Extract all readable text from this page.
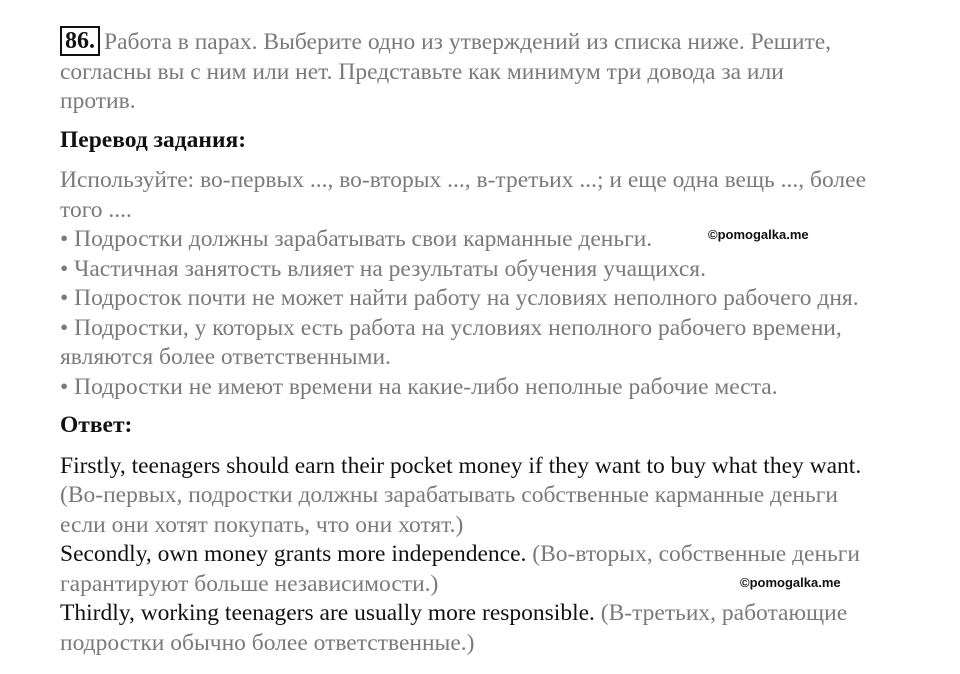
86. Работа в парах. Выберите одно из утверждений из списка ниже. Решите,
согласны вы с ним или нет. Представьте как минимум три довода за или
против.
Перевод задания:
Используйте: во-первых ..., во-вторых ..., в-третьих ...; и еще одна вещь ..., более
того ....
• Подростки должны зарабатывать свои карманные деньги.
• Частичная занятость влияет на результаты обучения учащихся.
• Подросток почти не может найти работу на условиях неполного рабочего дня.
• Подростки, у которых есть работа на условиях неполного рабочего времени,
являются более ответственными.
• Подростки не имеют времени на какие-либо неполные рабочие места.
Ответ:
Firstly, teenagers should earn their pocket money if they want to buy what they want.
(Во-первых, подростки должны зарабатывать собственные карманные деньги
если они хотят покупать, что они хотят.)
Secondly, own money grants more independence. (Во-вторых, собственные деньги
гарантируют больше независимости.)
Thirdly, working teenagers are usually more responsible. (В-третьих, работающие
подростки обычно более ответственные.)
©pomogalka.me
©pomogalka.me
